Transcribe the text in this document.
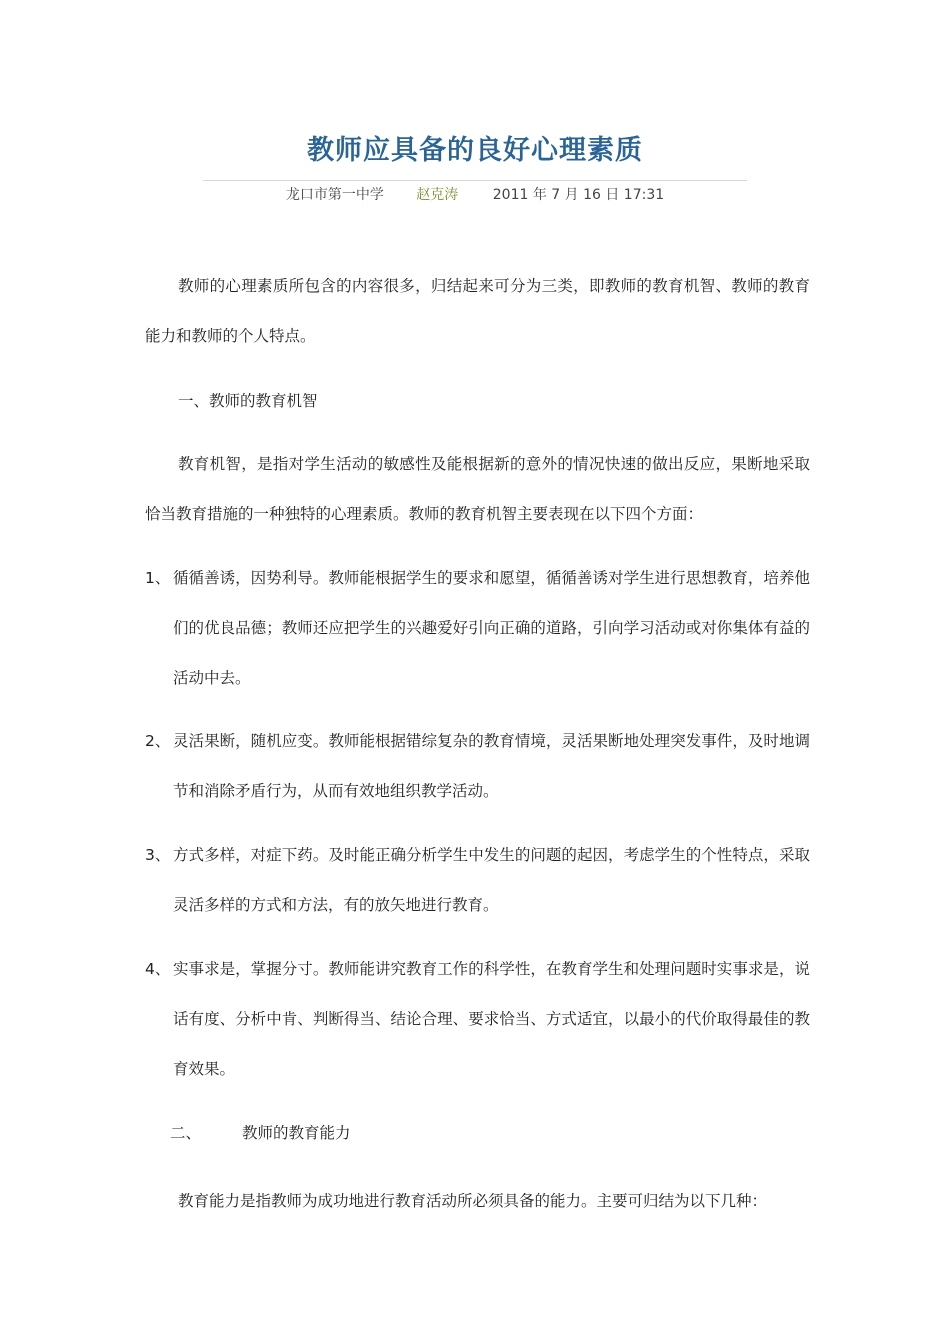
教师应具备的良好心理素质
龙口市第一中学 赵克涛 2011 年 7 月 16 日 17:31

教师的心理素质所包含的内容很多，归结起来可分为三类，即教师的教育机智、教师的教育能力和教师的个人特点。

一、教师的教育机智

教育机智，是指对学生活动的敏感性及能根据新的意外的情况快速的做出反应，果断地采取恰当教育措施的一种独特的心理素质。教师的教育机智主要表现在以下四个方面：

1、 循循善诱，因势利导。教师能根据学生的要求和愿望，循循善诱对学生进行思想教育，培养他们的优良品德；教师还应把学生的兴趣爱好引向正确的道路，引向学习活动或对你集体有益的活动中去。
2、 灵活果断，随机应变。教师能根据错综复杂的教育情境，灵活果断地处理突发事件，及时地调节和消除矛盾行为，从而有效地组织教学活动。
3、 方式多样，对症下药。及时能正确分析学生中发生的问题的起因，考虑学生的个性特点，采取灵活多样的方式和方法，有的放矢地进行教育。
4、 实事求是，掌握分寸。教师能讲究教育工作的科学性，在教育学生和处理问题时实事求是，说话有度、分析中肯、判断得当、结论合理、要求恰当、方式适宜，以最小的代价取得最佳的教育效果。

二、	教师的教育能力

教育能力是指教师为成功地进行教育活动所必须具备的能力。主要可归结为以下几种：
